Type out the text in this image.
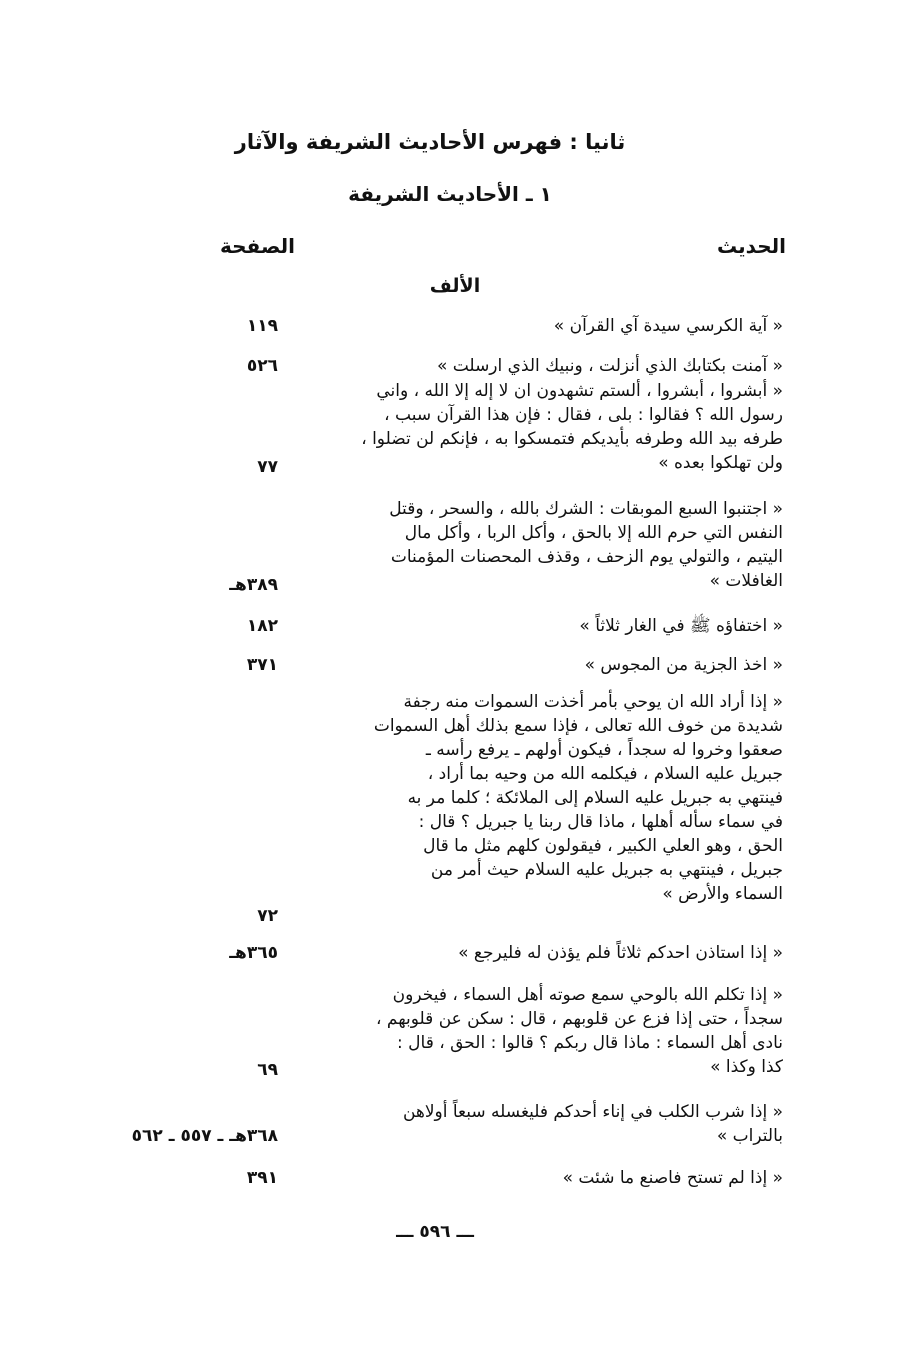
ثانيا : فهرس الأحاديث الشريفة والآثار
١ ـ الأحاديث الشريفة
الحديث
الصفحة
الألف
« آية الكرسي سيدة آي القرآن »
١١٩
« آمنت بكتابك الذي أنزلت ، ونبيك الذي ارسلت »
٥٢٦
« أبشروا ، أبشروا ، ألستم تشهدون ان لا إله إلا الله ، واني
رسول الله ؟ فقالوا : بلى ، فقال : فإن هذا القرآن سبب ،
طرفه بيد الله وطرفه بأيديكم فتمسكوا به ، فإنكم لن تضلوا ،
ولن تهلكوا بعده »
٧٧
« اجتنبوا السبع الموبقات : الشرك بالله ، والسحر ، وقتل
النفس التي حرم الله إلا بالحق ، وأكل الربا ، وأكل مال
اليتيم ، والتولي يوم الزحف ، وقذف المحصنات المؤمنات
الغافلات »
٣٨٩هـ
« اختفاؤه ﷺ في الغار ثلاثاً »
١٨٢
« اخذ الجزية من المجوس »
٣٧١
« إذا أراد الله ان يوحي بأمر أخذت السموات منه رجفة
شديدة من خوف الله تعالى ، فإذا سمع بذلك أهل السموات
صعقوا وخروا له سجداً ، فيكون أولهم ـ يرفع رأسه ـ
جبريل عليه السلام ، فيكلمه الله من وحيه بما أراد ،
فينتهي به جبريل عليه السلام إلى الملائكة ؛ كلما مر به
في سماء سأله أهلها ، ماذا قال ربنا يا جبريل ؟ قال :
الحق ، وهو العلي الكبير ، فيقولون كلهم مثل ما قال
جبريل ، فينتهي به جبريل عليه السلام حيث أمر من
السماء والأرض »
٧٢
« إذا استاذن احدكم ثلاثاً فلم يؤذن له فليرجع »
٣٦٥هـ
« إذا تكلم الله بالوحي سمع صوته أهل السماء ، فيخرون
سجداً ، حتى إذا فزع عن قلوبهم ، قال : سكن عن قلوبهم ،
نادى أهل السماء : ماذا قال ربكم ؟ قالوا : الحق ، قال :
كذا وكذا »
٦٩
« إذا شرب الكلب في إناء أحدكم فليغسله سبعاً أولاهن
بالتراب »
٣٦٨هـ ـ ٥٥٧ ـ ٥٦٢
« إذا لم تستح فاصنع ما شئت »
٣٩١
ـــ ٥٩٦ ـــ
